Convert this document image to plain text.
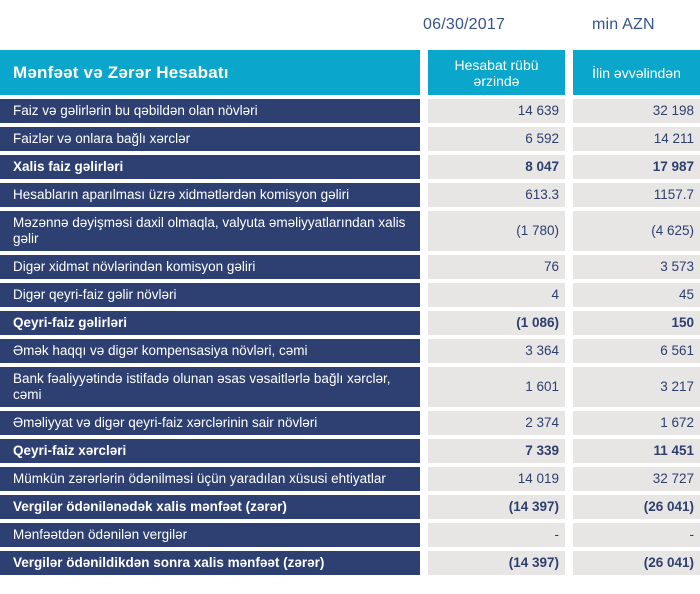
06/30/2017	min AZN
Mənfəət və Zərər Hesabatı	Hesabat rübü ərzində	İlin əvvəlindən
Faiz və gəlirlərin bu qəbildən olan növləri	14 639	32 198
Faizlər və onlara bağlı xərclər	6 592	14 211
Xalis faiz gəlirləri	8 047	17 987
Hesabların aparılması üzrə xidmətlərdən komisyon gəliri	613.3	1157.7
Məzənnə dəyişməsi daxil olmaqla, valyuta əməliyyatlarından xalis gəlir	(1 780)	(4 625)
Digər xidmət növlərindən komisyon gəliri	76	3 573
Digər qeyri-faiz gəlir növləri	4	45
Qeyri-faiz gəlirləri	(1 086)	150
Əmək haqqı və digər kompensasiya növləri, cəmi	3 364	6 561
Bank fəaliyyətində istifadə olunan əsas vəsaitlərlə bağlı xərclər, cəmi	1 601	3 217
Əməliyyat və digər qeyri-faiz xərclərinin sair növləri	2 374	1 672
Qeyri-faiz xərcləri	7 339	11 451
Mümkün zərərlərin ödənilməsi üçün yaradılan xüsusi ehtiyatlar	14 019	32 727
Vergilər ödənilənədək xalis mənfəət (zərər)	(14 397)	(26 041)
Mənfəətdən ödənilən vergilər	-	-
Vergilər ödənildikdən sonra xalis mənfəət (zərər)	(14 397)	(26 041)
